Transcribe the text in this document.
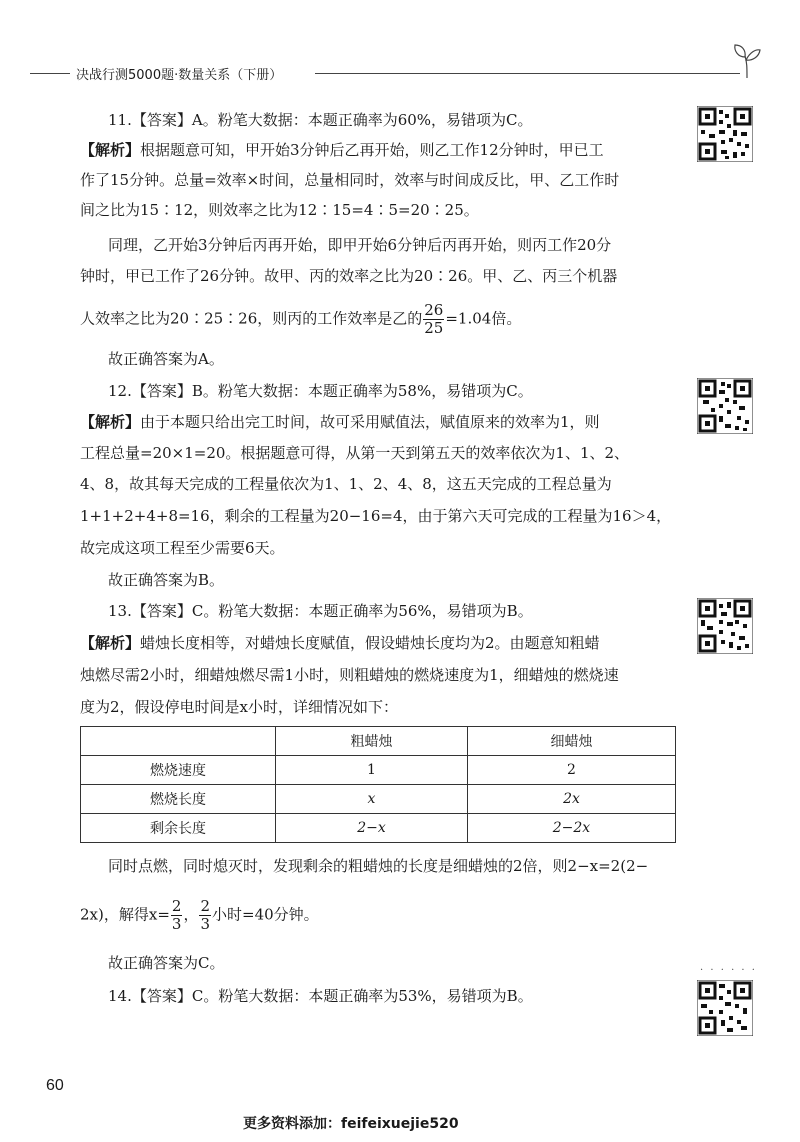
决战行测5000题·数量关系（下册）
11.【答案】A。粉笔大数据：本题正确率为60%，易错项为C。
【解析】根据题意可知，甲开始3分钟后乙再开始，则乙工作12分钟时，甲已工
作了15分钟。总量=效率×时间，总量相同时，效率与时间成反比，甲、乙工作时
间之比为15∶12，则效率之比为12∶15=4∶5=20∶25。
同理，乙开始3分钟后丙再开始，即甲开始6分钟后丙再开始，则丙工作20分
钟时，甲已工作了26分钟。故甲、丙的效率之比为20∶26。甲、乙、丙三个机器
人效率之比为20∶25∶26，则丙的工作效率是乙的 $\frac{26}{25} =1.04$倍。
故正确答案为A。
12.【答案】B。粉笔大数据：本题正确率为58%，易错项为C。
【解析】由于本题只给出完工时间，故可采用赋值法，赋值原来的效率为1，则
工程总量=20×1=20。根据题意可得，从第一天到第五天的效率依次为1、1、2、
4、8，故其每天完成的工程量依次为1、1、2、4、8，这五天完成的工程总量为
1+1+2+4+8=16，剩余的工程量为20−16=4，由于第六天可完成的工程量为16＞4，
故完成这项工程至少需要6天。
故正确答案为B。
13.【答案】C。粉笔大数据：本题正确率为56%，易错项为B。
【解析】蜡烛长度相等，对蜡烛长度赋值，假设蜡烛长度均为2。由题意知粗蜡
烛燃尽需2小时，细蜡烛燃尽需1小时，则粗蜡烛的燃烧速度为1，细蜡烛的燃烧速
度为2，假设停电时间是x小时，详细情况如下：
	粗蜡烛	细蜡烛
燃烧速度	1	2
燃烧长度	x	2x
剩余长度	2−x	2−2x
同时点燃，同时熄灭时，发现剩余的粗蜡烛的长度是细蜡烛的2倍，则2−x=2(2−
2x)，解得$x= \frac{2}{3}$ ， $\frac{2}{3}$ 小时=40分钟。
故正确答案为C。	· · · · · ·
14.【答案】C。粉笔大数据：本题正确率为53%，易错项为B。
60
更多资料添加：feifeixuejie520
